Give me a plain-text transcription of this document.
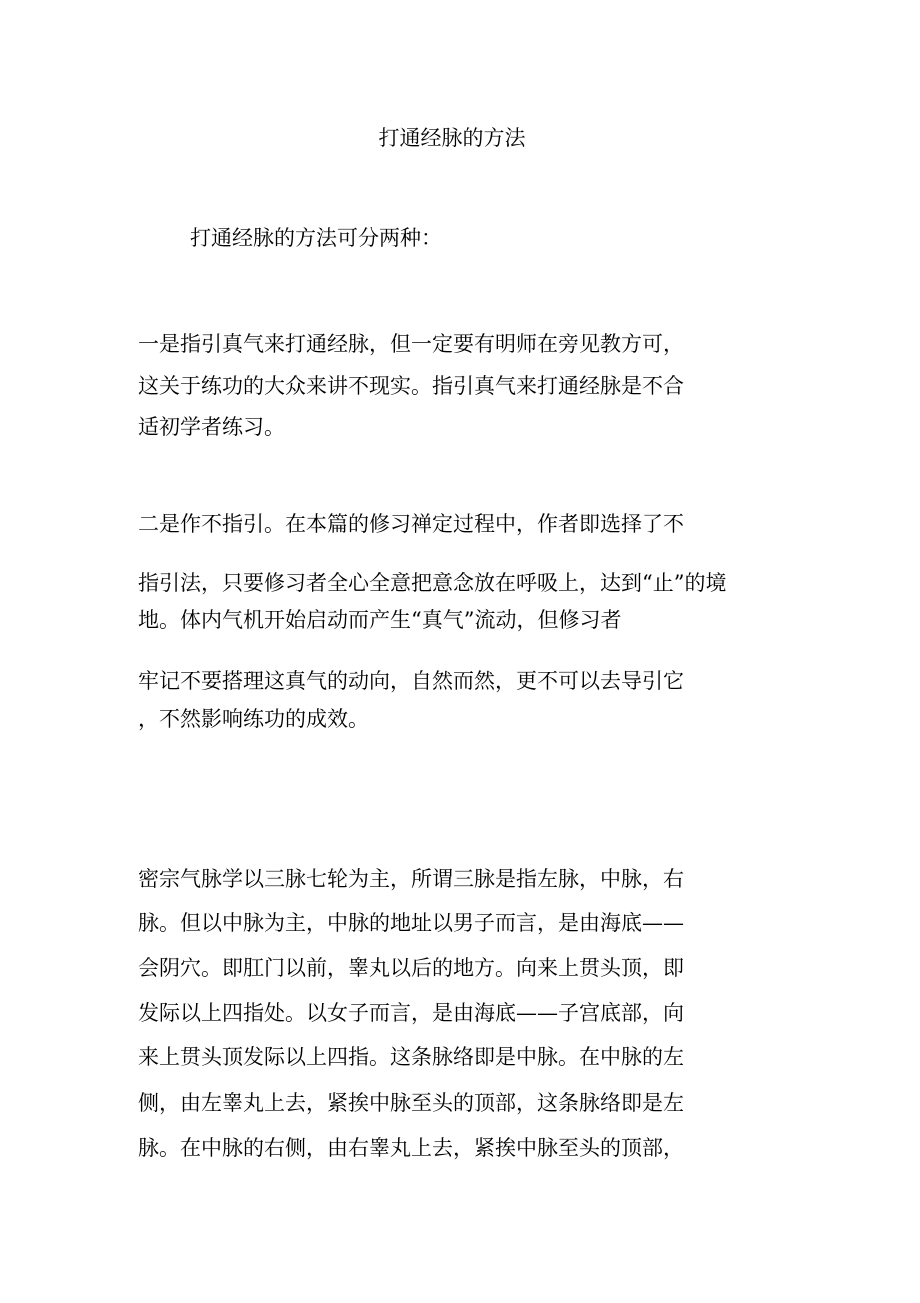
打通经脉的方法
打通经脉的方法可分两种：
一是指引真气来打通经脉，但一定要有明师在旁见教方可，
这关于练功的大众来讲不现实。指引真气来打通经脉是不合
适初学者练习。
二是作不指引。在本篇的修习禅定过程中，作者即选择了不
指引法，只要修习者全心全意把意念放在呼吸上，达到“止”的境
地。体内气机开始启动而产生“真气”流动，但修习者
牢记不要搭理这真气的动向，自然而然，更不可以去导引它
，不然影响练功的成效。
密宗气脉学以三脉七轮为主，所谓三脉是指左脉，中脉，右
脉。但以中脉为主，中脉的地址以男子而言，是由海底——
会阴穴。即肛门以前，睾丸以后的地方。向来上贯头顶，即
发际以上四指处。以女子而言，是由海底——子宫底部，向
来上贯头顶发际以上四指。这条脉络即是中脉。在中脉的左
侧，由左睾丸上去，紧挨中脉至头的顶部，这条脉络即是左
脉。在中脉的右侧，由右睾丸上去，紧挨中脉至头的顶部，
